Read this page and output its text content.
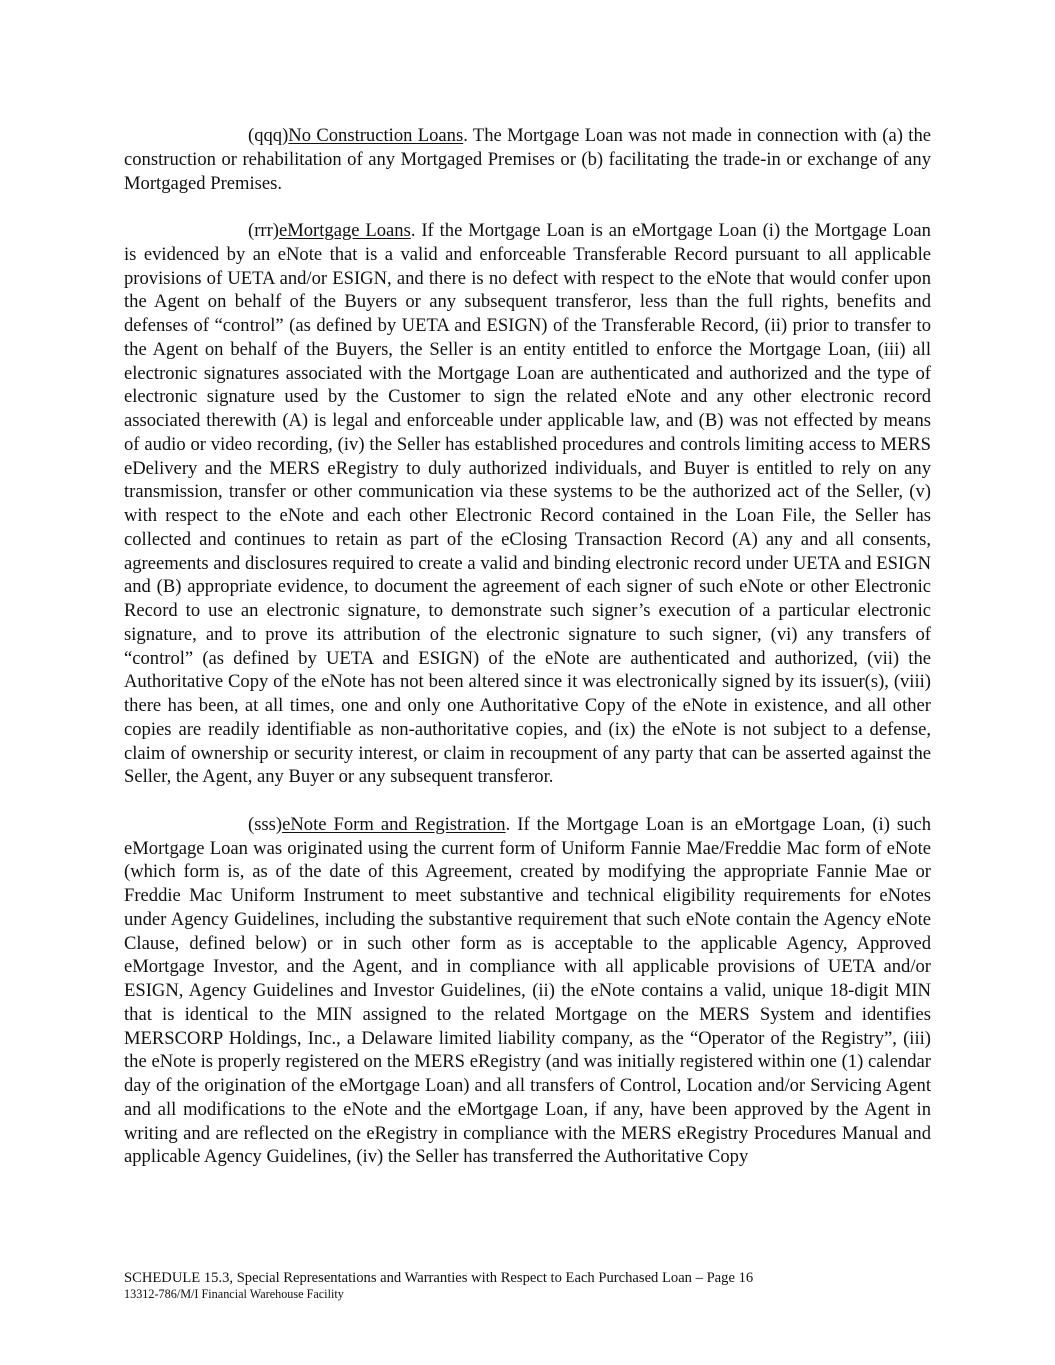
(qqq)No Construction Loans. The Mortgage Loan was not made in connection with (a) the construction or rehabilitation of any Mortgaged Premises or (b) facilitating the trade-in or exchange of any Mortgaged Premises.

(rrr)eMortgage Loans. If the Mortgage Loan is an eMortgage Loan (i) the Mortgage Loan is evidenced by an eNote that is a valid and enforceable Transferable Record pursuant to all applicable provisions of UETA and/or ESIGN, and there is no defect with respect to the eNote that would confer upon the Agent on behalf of the Buyers or any subsequent transferor, less than the full rights, benefits and defenses of “control” (as defined by UETA and ESIGN) of the Transferable Record, (ii) prior to transfer to the Agent on behalf of the Buyers, the Seller is an entity entitled to enforce the Mortgage Loan, (iii) all electronic signatures associated with the Mortgage Loan are authenticated and authorized and the type of electronic signature used by the Customer to sign the related eNote and any other electronic record associated therewith (A) is legal and enforceable under applicable law, and (B) was not effected by means of audio or video recording, (iv) the Seller has established procedures and controls limiting access to MERS eDelivery and the MERS eRegistry to duly authorized individuals, and Buyer is entitled to rely on any transmission, transfer or other communication via these systems to be the authorized act of the Seller, (v) with respect to the eNote and each other Electronic Record contained in the Loan File, the Seller has collected and continues to retain as part of the eClosing Transaction Record (A) any and all consents, agreements and disclosures required to create a valid and binding electronic record under UETA and ESIGN and (B) appropriate evidence, to document the agreement of each signer of such eNote or other Electronic Record to use an electronic signature, to demonstrate such signer’s execution of a particular electronic signature, and to prove its attribution of the electronic signature to such signer, (vi) any transfers of “control” (as defined by UETA and ESIGN) of the eNote are authenticated and authorized, (vii) the Authoritative Copy of the eNote has not been altered since it was electronically signed by its issuer(s), (viii) there has been, at all times, one and only one Authoritative Copy of the eNote in existence, and all other copies are readily identifiable as non-authoritative copies, and (ix) the eNote is not subject to a defense, claim of ownership or security interest, or claim in recoupment of any party that can be asserted against the Seller, the Agent, any Buyer or any subsequent transferor.

(sss)eNote Form and Registration. If the Mortgage Loan is an eMortgage Loan, (i) such eMortgage Loan was originated using the current form of Uniform Fannie Mae/Freddie Mac form of eNote (which form is, as of the date of this Agreement, created by modifying the appropriate Fannie Mae or Freddie Mac Uniform Instrument to meet substantive and technical eligibility requirements for eNotes under Agency Guidelines, including the substantive requirement that such eNote contain the Agency eNote Clause, defined below) or in such other form as is acceptable to the applicable Agency, Approved eMortgage Investor, and the Agent, and in compliance with all applicable provisions of UETA and/or ESIGN, Agency Guidelines and Investor Guidelines, (ii) the eNote contains a valid, unique 18-digit MIN that is identical to the MIN assigned to the related Mortgage on the MERS System and identifies MERSCORP Holdings, Inc., a Delaware limited liability company, as the “Operator of the Registry”, (iii) the eNote is properly registered on the MERS eRegistry (and was initially registered within one (1) calendar day of the origination of the eMortgage Loan) and all transfers of Control, Location and/or Servicing Agent and all modifications to the eNote and the eMortgage Loan, if any, have been approved by the Agent in writing and are reflected on the eRegistry in compliance with the MERS eRegistry Procedures Manual and applicable Agency Guidelines, (iv) the Seller has transferred the Authoritative Copy

SCHEDULE 15.3, Special Representations and Warranties with Respect to Each Purchased Loan – Page 16
13312-786/M/I Financial Warehouse Facility
